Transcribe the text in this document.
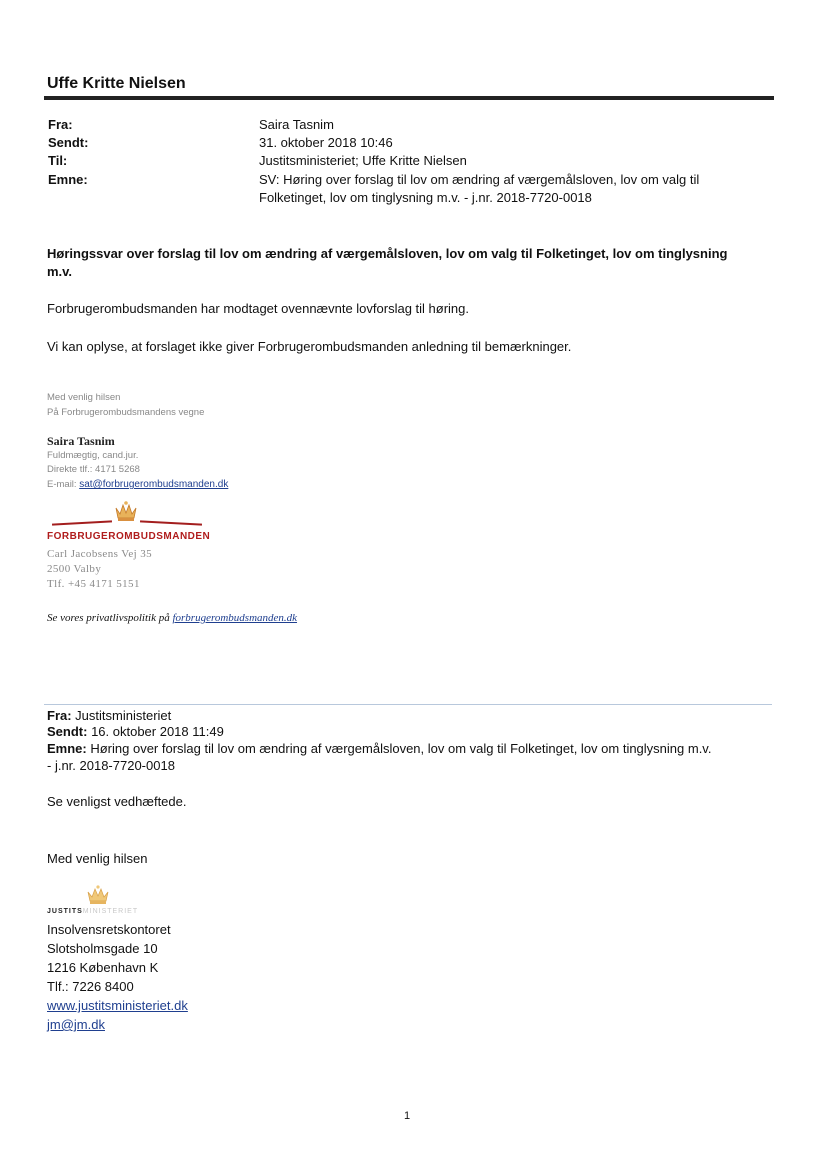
Uffe Kritte Nielsen
Fra:	Saira Tasnim
Sendt:	31. oktober 2018 10:46
Til:	Justitsministeriet; Uffe Kritte Nielsen
Emne:	SV: Høring over forslag til lov om ændring af værgemålsloven, lov om valg til
Folketinget, lov om tinglysning m.v. - j.nr. 2018-7720-0018
Høringssvar over forslag til lov om ændring af værgemålsloven, lov om valg til Folketinget, lov om tinglysning
m.v.
Forbrugerombudsmanden har modtaget ovennævnte lovforslag til høring.
Vi kan oplyse, at forslaget ikke giver Forbrugerombudsmanden anledning til bemærkninger.
Med venlig hilsen
På Forbrugerombudsmandens vegne
Saira Tasnim
Fuldmægtig, cand.jur.
Direkte tlf.: 4171 5268
E-mail: sat@forbrugerombudsmanden.dk
FORBRUGEROMBUDSMANDEN
Carl Jacobsens Vej 35
2500 Valby
Tlf. +45 4171 5151
Se vores privatlivspolitik på forbrugerombudsmanden.dk
Fra: Justitsministeriet
Sendt: 16. oktober 2018 11:49
Emne: Høring over forslag til lov om ændring af værgemålsloven, lov om valg til Folketinget, lov om tinglysning m.v.
- j.nr. 2018-7720-0018
Se venligst vedhæftede.
Med venlig hilsen
JUSTITSMINISTERIET
Insolvensretskontoret
Slotsholmsgade 10
1216 København K
Tlf.: 7226 8400
www.justitsministeriet.dk
jm@jm.dk
1
